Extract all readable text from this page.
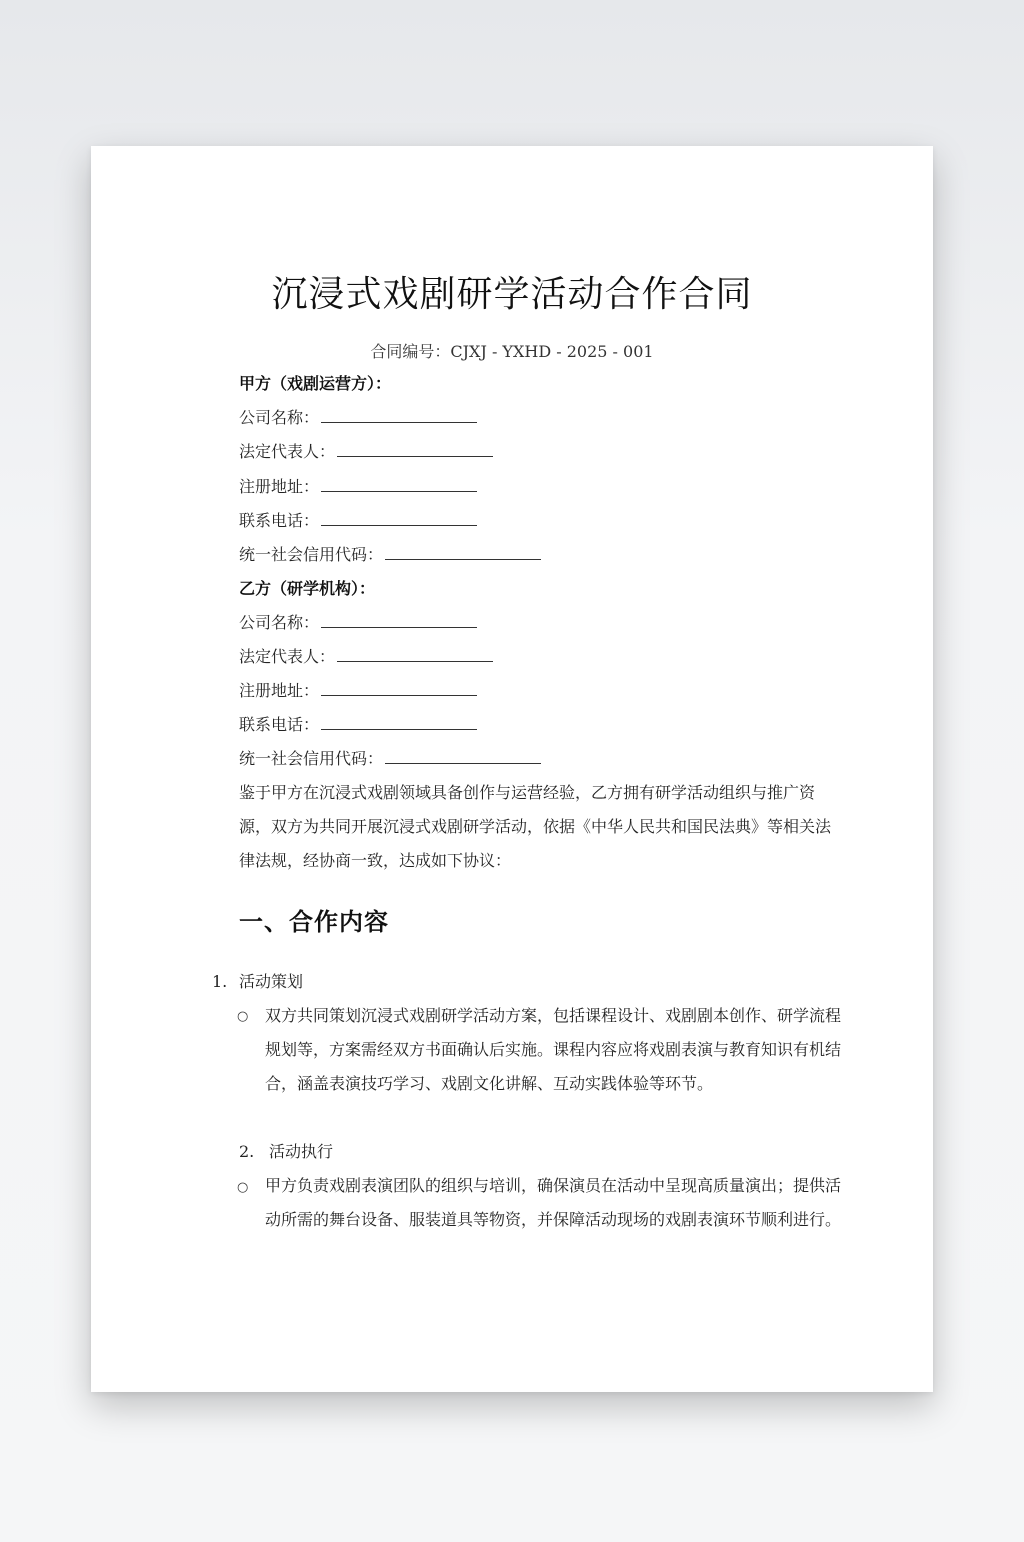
沉浸式戏剧研学活动合作合同
合同编号：CJXJ - YXHD - 2025 - 001
甲方（戏剧运营方）：
公司名称：
法定代表人：
注册地址：
联系电话：
统一社会信用代码：
乙方（研学机构）：
公司名称：
法定代表人：
注册地址：
联系电话：
统一社会信用代码：
鉴于甲方在沉浸式戏剧领域具备创作与运营经验，乙方拥有研学活动组织与推广资源，双方为共同开展沉浸式戏剧研学活动，依据《中华人民共和国民法典》等相关法律法规，经协商一致，达成如下协议：
一、合作内容
1. 活动策划
○ 双方共同策划沉浸式戏剧研学活动方案，包括课程设计、戏剧剧本创作、研学流程规划等，方案需经双方书面确认后实施。课程内容应将戏剧表演与教育知识有机结合，涵盖表演技巧学习、戏剧文化讲解、互动实践体验等环节。
2. 活动执行
○ 甲方负责戏剧表演团队的组织与培训，确保演员在活动中呈现高质量演出；提供活动所需的舞台设备、服装道具等物资，并保障活动现场的戏剧表演环节顺利进行。
